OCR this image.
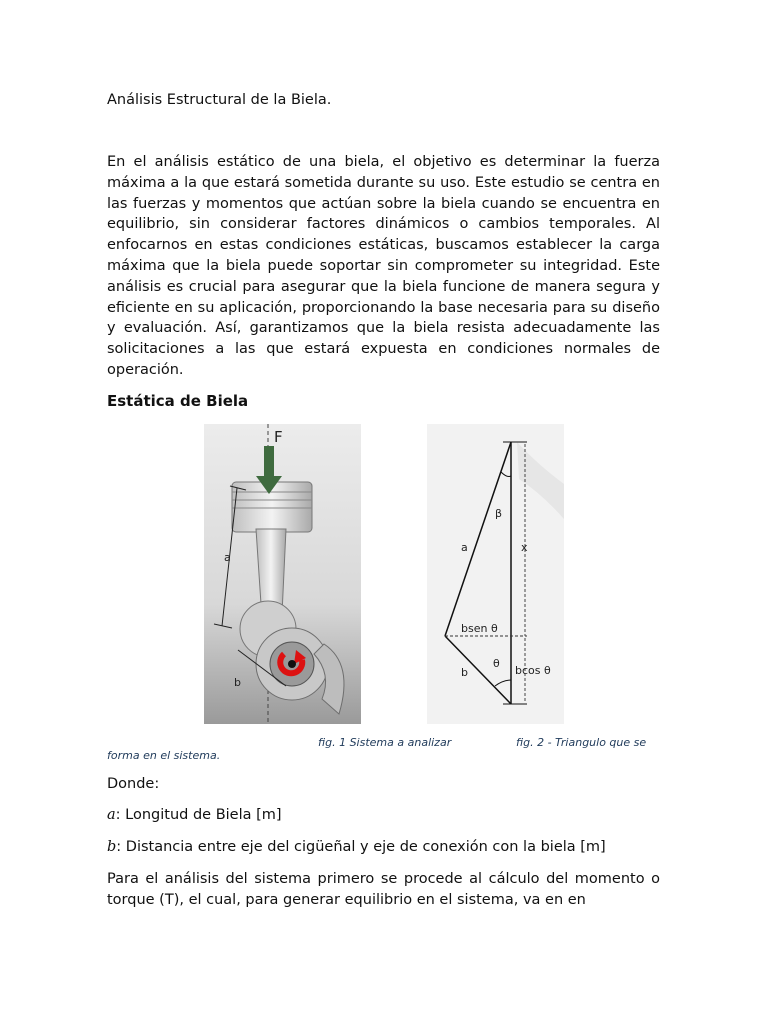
Análisis Estructural de la Biela.

En el análisis estático de una biela, el objetivo es determinar la fuerza máxima a la que estará sometida durante su uso. Este estudio se centra en las fuerzas y momentos que actúan sobre la biela cuando se encuentra en equilibrio, sin considerar factores dinámicos o cambios temporales. Al enfocarnos en estas condiciones estáticas, buscamos establecer la carga máxima que la biela puede soportar sin comprometer su integridad. Este análisis es crucial para asegurar que la biela funcione de manera segura y eficiente en su aplicación, proporcionando la base necesaria para su diseño y evaluación. Así, garantizamos que la biela resista adecuadamente las solicitaciones a las que estará expuesta en condiciones normales de operación.

Estática de Biela
F
a
b
β
a	x
bsen θ
θ
b	bcos θ
fig. 1 Sistema a analizar	fig. 2 - Triangulo que se
forma en el sistema.
Donde:
a: Longitud de Biela [m]
b: Distancia entre eje del cigüeñal y eje de conexión con la biela [m]

Para el análisis del sistema primero se procede al cálculo del momento o torque (T), el cual, para generar equilibrio en el sistema, va en en
